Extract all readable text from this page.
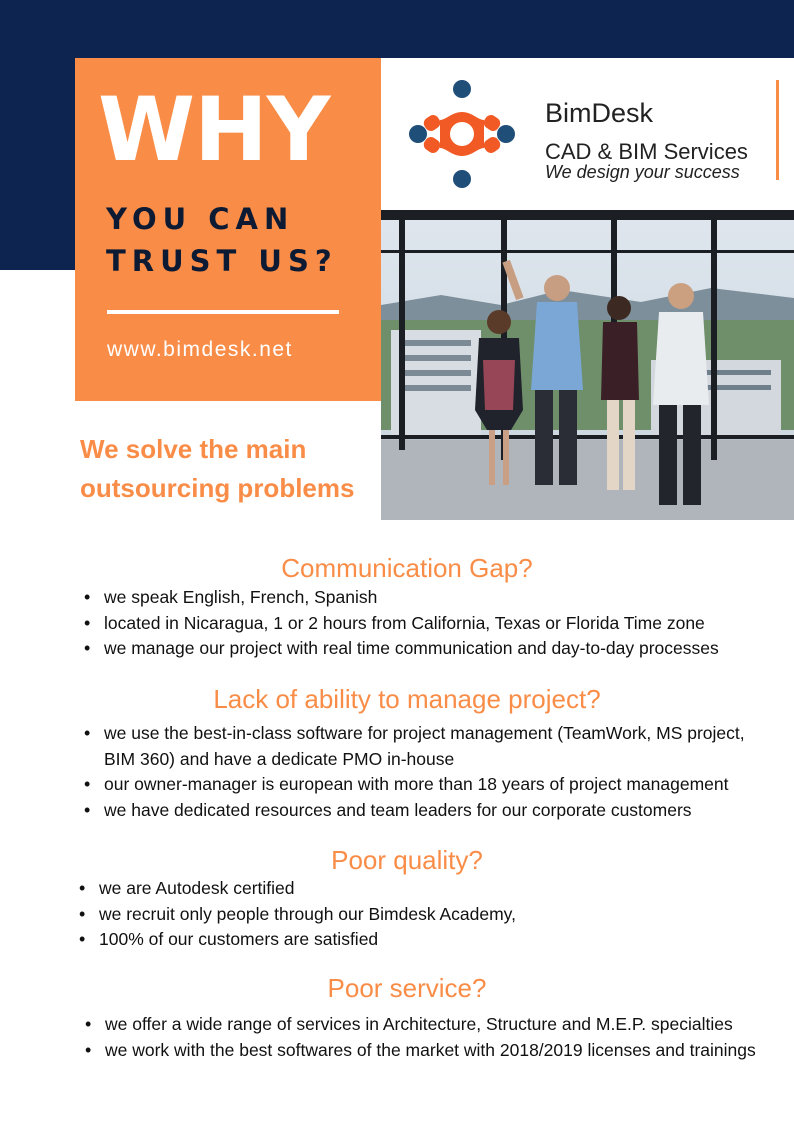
WHY
YOU CAN
TRUST US?
www.bimdesk.net
BimDesk
CAD & BIM Services
We design your success
We solve the main outsourcing problems
Communication Gap?
• we speak English, French, Spanish
• located in Nicaragua, 1 or 2 hours from California, Texas or Florida Time zone
• we manage our project with real time communication and day-to-day processes
Lack of ability to manage project?
• we use the best-in-class software for project management (TeamWork, MS project, BIM 360) and have a dedicate PMO in-house
• our owner-manager is european with more than 18 years of project management
• we have dedicated resources and team leaders for our corporate customers
Poor quality?
• we are Autodesk certified
• we recruit only people through our Bimdesk Academy,
• 100% of our customers are satisfied
Poor service?
• we offer a wide range of services in Architecture, Structure and M.E.P. specialties
• we work with the best softwares of the market with 2018/2019 licenses and trainings
